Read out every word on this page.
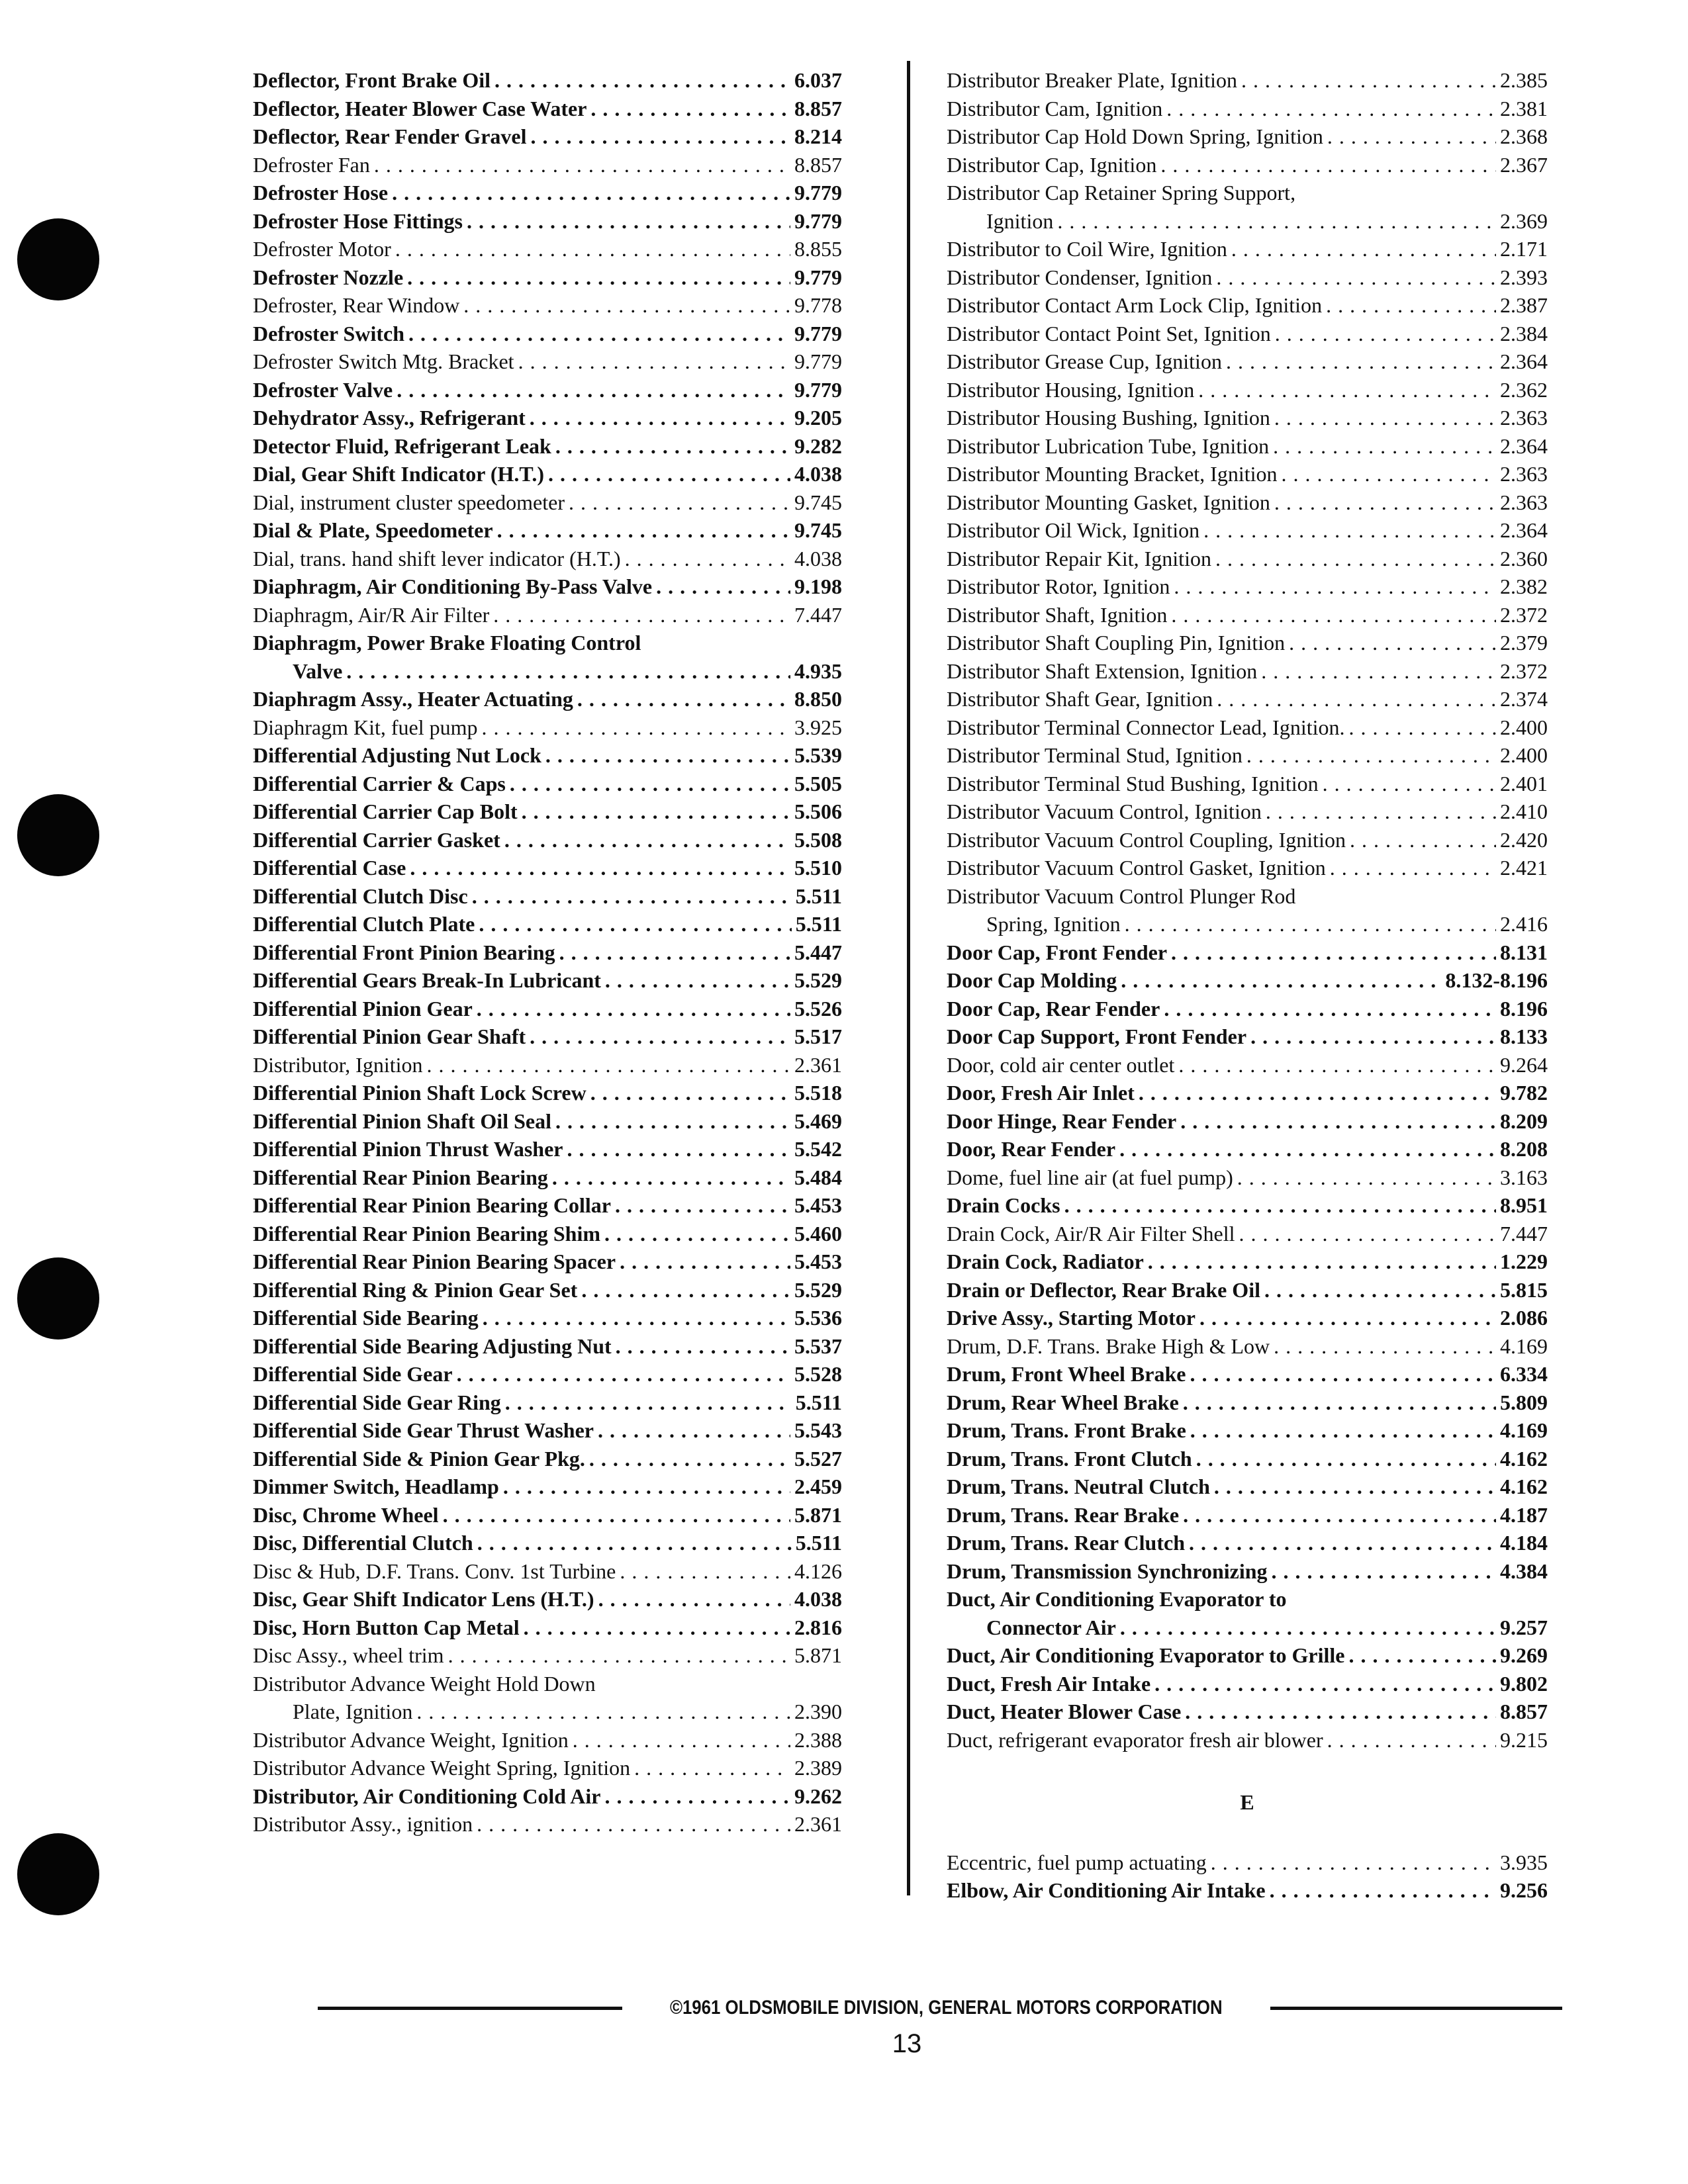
Deflector, Front Brake Oil . . .	6.037
Deflector, Heater Blower Case Water . . .	8.857
Deflector, Rear Fender Gravel . . .	8.214
Defroster Fan . . .	8.857
Defroster Hose . . .	9.779
Defroster Hose Fittings . . .	9.779
Defroster Motor . . .	8.855
Defroster Nozzle . . .	9.779
Defroster, Rear Window . . .	9.778
Defroster Switch . . .	9.779
Defroster Switch Mtg. Bracket . . .	9.779
Defroster Valve . . .	9.779
Dehydrator Assy., Refrigerant . . .	9.205
Detector Fluid, Refrigerant Leak . . .	9.282
Dial, Gear Shift Indicator (H.T.) . . .	4.038
Dial, instrument cluster speedometer . . .	9.745
Dial & Plate, Speedometer . . .	9.745
Dial, trans. hand shift lever indicator (H.T.) . . .	4.038
Diaphragm, Air Conditioning By-Pass Valve . . .	9.198
Diaphragm, Air/R Air Filter . . .	7.447
Diaphragm, Power Brake Floating Control
Valve . . .	4.935
Diaphragm Assy., Heater Actuating . . .	8.850
Diaphragm Kit, fuel pump . . .	3.925
Differential Adjusting Nut Lock . . .	5.539
Differential Carrier & Caps . . .	5.505
Differential Carrier Cap Bolt . . .	5.506
Differential Carrier Gasket . . .	5.508
Differential Case . . .	5.510
Differential Clutch Disc . . .	5.511
Differential Clutch Plate . . .	5.511
Differential Front Pinion Bearing . . .	5.447
Differential Gears Break-In Lubricant . . .	5.529
Differential Pinion Gear . . .	5.526
Differential Pinion Gear Shaft . . .	5.517
Distributor, Ignition . . .	2.361
Differential Pinion Shaft Lock Screw . . .	5.518
Differential Pinion Shaft Oil Seal . . .	5.469
Differential Pinion Thrust Washer . . .	5.542
Differential Rear Pinion Bearing . . .	5.484
Differential Rear Pinion Bearing Collar . . .	5.453
Differential Rear Pinion Bearing Shim . . .	5.460
Differential Rear Pinion Bearing Spacer . . .	5.453
Differential Ring & Pinion Gear Set . . .	5.529
Differential Side Bearing . . .	5.536
Differential Side Bearing Adjusting Nut . . .	5.537
Differential Side Gear . . .	5.528
Differential Side Gear Ring . . .	5.511
Differential Side Gear Thrust Washer . . .	5.543
Differential Side & Pinion Gear Pkg. . . .	5.527
Dimmer Switch, Headlamp . . .	2.459
Disc, Chrome Wheel . . .	5.871
Disc, Differential Clutch . . .	5.511
Disc & Hub, D.F. Trans. Conv. 1st Turbine . . .	4.126
Disc, Gear Shift Indicator Lens (H.T.) . . .	4.038
Disc, Horn Button Cap Metal . . .	2.816
Disc Assy., wheel trim . . .	5.871
Distributor Advance Weight Hold Down
Plate, Ignition . . .	2.390
Distributor Advance Weight, Ignition . . .	2.388
Distributor Advance Weight Spring, Ignition . . .	2.389
Distributor, Air Conditioning Cold Air . . .	9.262
Distributor Assy., ignition . . .	2.361
Distributor Breaker Plate, Ignition . . .	2.385
Distributor Cam, Ignition . . .	2.381
Distributor Cap Hold Down Spring, Ignition . . .	2.368
Distributor Cap, Ignition . . .	2.367
Distributor Cap Retainer Spring Support,
Ignition . . .	2.369
Distributor to Coil Wire, Ignition . . .	2.171
Distributor Condenser, Ignition . . .	2.393
Distributor Contact Arm Lock Clip, Ignition . . .	2.387
Distributor Contact Point Set, Ignition . . .	2.384
Distributor Grease Cup, Ignition . . .	2.364
Distributor Housing, Ignition . . .	2.362
Distributor Housing Bushing, Ignition . . .	2.363
Distributor Lubrication Tube, Ignition . . .	2.364
Distributor Mounting Bracket, Ignition . . .	2.363
Distributor Mounting Gasket, Ignition . . .	2.363
Distributor Oil Wick, Ignition . . .	2.364
Distributor Repair Kit, Ignition . . .	2.360
Distributor Rotor, Ignition . . .	2.382
Distributor Shaft, Ignition . . .	2.372
Distributor Shaft Coupling Pin, Ignition . . .	2.379
Distributor Shaft Extension, Ignition . . .	2.372
Distributor Shaft Gear, Ignition . . .	2.374
Distributor Terminal Connector Lead, Ignition. . . .	2.400
Distributor Terminal Stud, Ignition . . .	2.400
Distributor Terminal Stud Bushing, Ignition . . .	2.401
Distributor Vacuum Control, Ignition . . .	2.410
Distributor Vacuum Control Coupling, Ignition . . .	2.420
Distributor Vacuum Control Gasket, Ignition . . .	2.421
Distributor Vacuum Control Plunger Rod
Spring, Ignition . . .	2.416
Door Cap, Front Fender . . .	8.131
Door Cap Molding . . .	8.132-8.196
Door Cap, Rear Fender . . .	8.196
Door Cap Support, Front Fender . . .	8.133
Door, cold air center outlet . . .	9.264
Door, Fresh Air Inlet . . .	9.782
Door Hinge, Rear Fender . . .	8.209
Door, Rear Fender . . .	8.208
Dome, fuel line air (at fuel pump) . . .	3.163
Drain Cocks . . .	8.951
Drain Cock, Air/R Air Filter Shell . . .	7.447
Drain Cock, Radiator . . .	1.229
Drain or Deflector, Rear Brake Oil . . .	5.815
Drive Assy., Starting Motor . . .	2.086
Drum, D.F. Trans. Brake High & Low . . .	4.169
Drum, Front Wheel Brake . . .	6.334
Drum, Rear Wheel Brake . . .	5.809
Drum, Trans. Front Brake . . .	4.169
Drum, Trans. Front Clutch . . .	4.162
Drum, Trans. Neutral Clutch . . .	4.162
Drum, Trans. Rear Brake . . .	4.187
Drum, Trans. Rear Clutch . . .	4.184
Drum, Transmission Synchronizing . . .	4.384
Duct, Air Conditioning Evaporator to
Connector Air . . .	9.257
Duct, Air Conditioning Evaporator to Grille . . .	9.269
Duct, Fresh Air Intake . . .	9.802
Duct, Heater Blower Case . . .	8.857
Duct, refrigerant evaporator fresh air blower . . .	9.215
E
Eccentric, fuel pump actuating . . .	3.935
Elbow, Air Conditioning Air Intake . . .	9.256
©1961 OLDSMOBILE DIVISION, GENERAL MOTORS CORPORATION
13
